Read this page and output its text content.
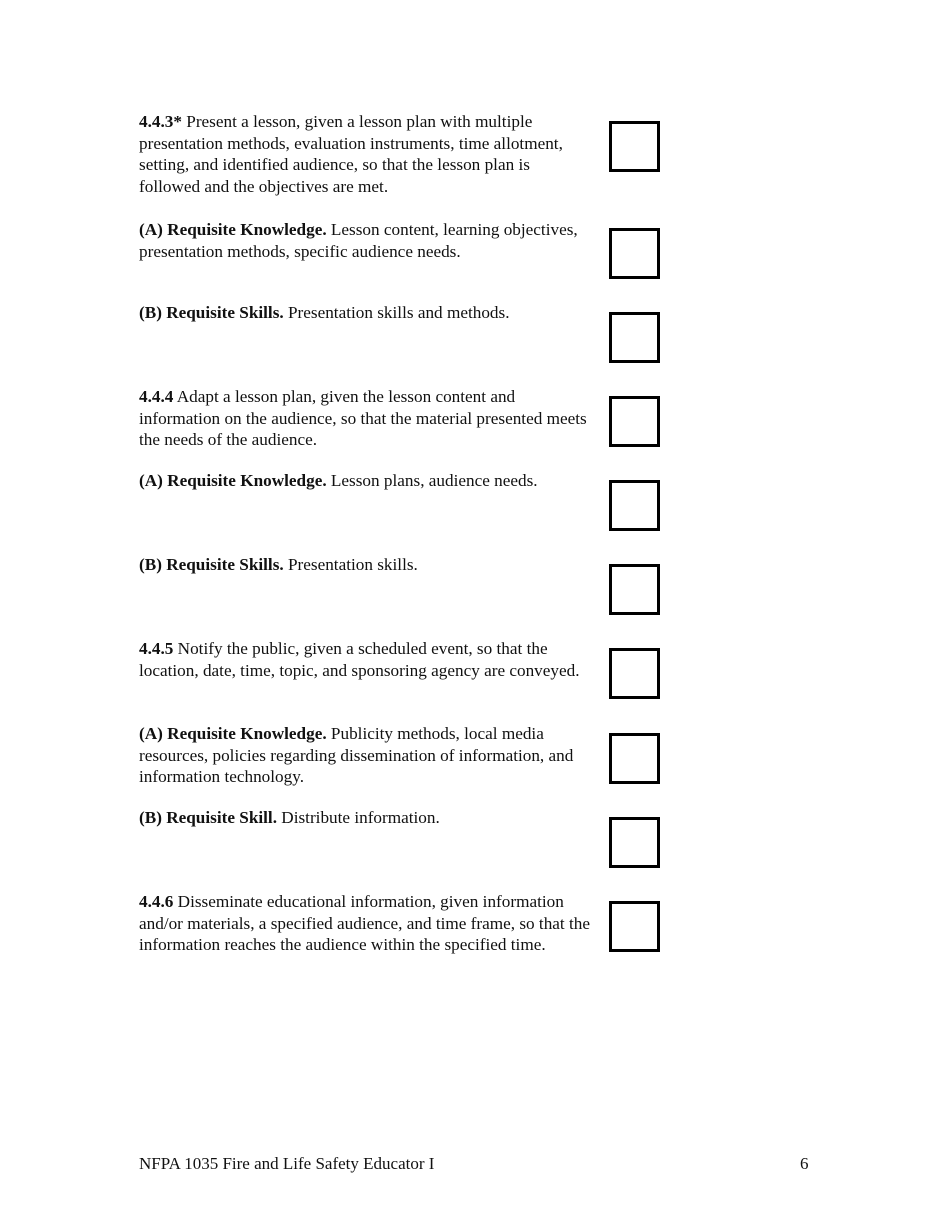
4.4.3* Present a lesson, given a lesson plan with multiple presentation methods, evaluation instruments, time allotment, setting, and identified audience, so that the lesson plan is followed and the objectives are met.
(A) Requisite Knowledge. Lesson content, learning objectives, presentation methods, specific audience needs.
(B) Requisite Skills. Presentation skills and methods.
4.4.4 Adapt a lesson plan, given the lesson content and information on the audience, so that the material presented meets the needs of the audience.
(A) Requisite Knowledge. Lesson plans, audience needs.
(B) Requisite Skills. Presentation skills.
4.4.5 Notify the public, given a scheduled event, so that the location, date, time, topic, and sponsoring agency are conveyed.
(A) Requisite Knowledge. Publicity methods, local media resources, policies regarding dissemination of information, and information technology.
(B) Requisite Skill. Distribute information.
4.4.6 Disseminate educational information, given information and/or materials, a specified audience, and time frame, so that the information reaches the audience within the specified time.
NFPA 1035 Fire and Life Safety Educator I	6
